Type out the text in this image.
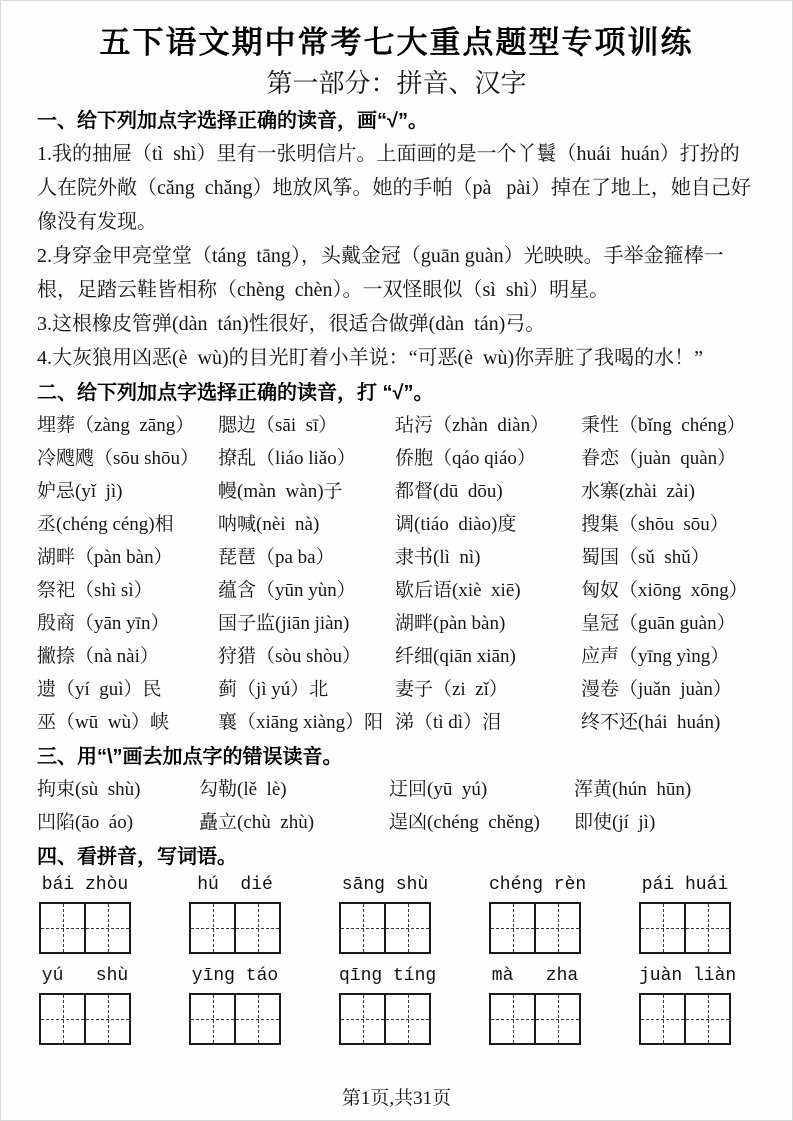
五下语文期中常考七大重点题型专项训练
第一部分：拼音、汉字
一、给下列加点字选择正确的读音，画“√”。

1.我的抽屉（tì  shì）里有一张明信片。上面画的是一个丫鬟（huái  huán）打扮的人在院外敞（cǎng  chǎng）地放风筝。她的手帕（pà   pài）掉在了地上，她自己好像没有发现。

2.身穿金甲亮堂堂（táng  tāng），头戴金冠（guān guàn）光映映。手举金箍棒一根，足踏云鞋皆相称（chèng  chèn）。一双怪眼似（sì  shì）明星。

3.这根橡皮管弹(dàn  tán)性很好，很适合做弹(dàn  tán)弓。

4.大灰狼用凶恶(è  wù)的目光盯着小羊说：“可恶(è  wù)你弄脏了我喝的水！”

二、给下列加点字选择正确的读音，打 “√”。
埋葬（zàng  zāng）	腮边（sāi  sī）	玷污（zhàn  diàn）	秉性（bǐng  chéng）
冷飕飕（sōu shōu） 撩乱（liáo liǎo）	侨胞（qáo qiáo）	眷恋（juàn  quàn）
妒忌(yǐ  jì)	幔(màn  wàn)子	都督(dū  dōu)	水寨(zhài  zài)
丞(chéng céng)相	呐喊(nèi  nà)	调(tiáo  diào)度	搜集（shōu  sōu）
湖畔（pàn bàn）	琵琶（pa ba）	隶书(lì  nì)	蜀国（sǔ  shǔ）
祭祀（shì sì）	蕴含（yūn yùn）	歇后语(xiè  xiē)	匈奴（xiōng  xōng）
殷商（yān yīn）	国子监(jiān jiàn)	湖畔(pàn bàn)	皇冠（guān guàn）
撇捺（nà nài）	狩猎（sòu shòu）	纤细(qiān xiān)	应声（yīng yìng）
遗（yí  guì）民	蓟（jì yú）北	妻子（zi  zǐ）	漫卷（juǎn  juàn）
巫（wū  wù）峡	襄（xiāng xiàng）阳 涕（tì dì）泪	终不还(hái  huán)
三、用“\”画去加点字的错误读音。
拘束(sù  shù)	勾勒(lě  lè)	迂回(yū  yú)	浑黄(hún  hūn)
凹陷(āo  áo)	矗立(chù  zhù)	逞凶(chéng  chěng)	即使(jí  jì)
四、看拼音，写词语。
bái zhòu	hú  dié	sāng shù	chéng rèn	pái huái
yú   shù	yīng táo	qīng tíng	mà   zha	juàn liàn
第1页,共31页
